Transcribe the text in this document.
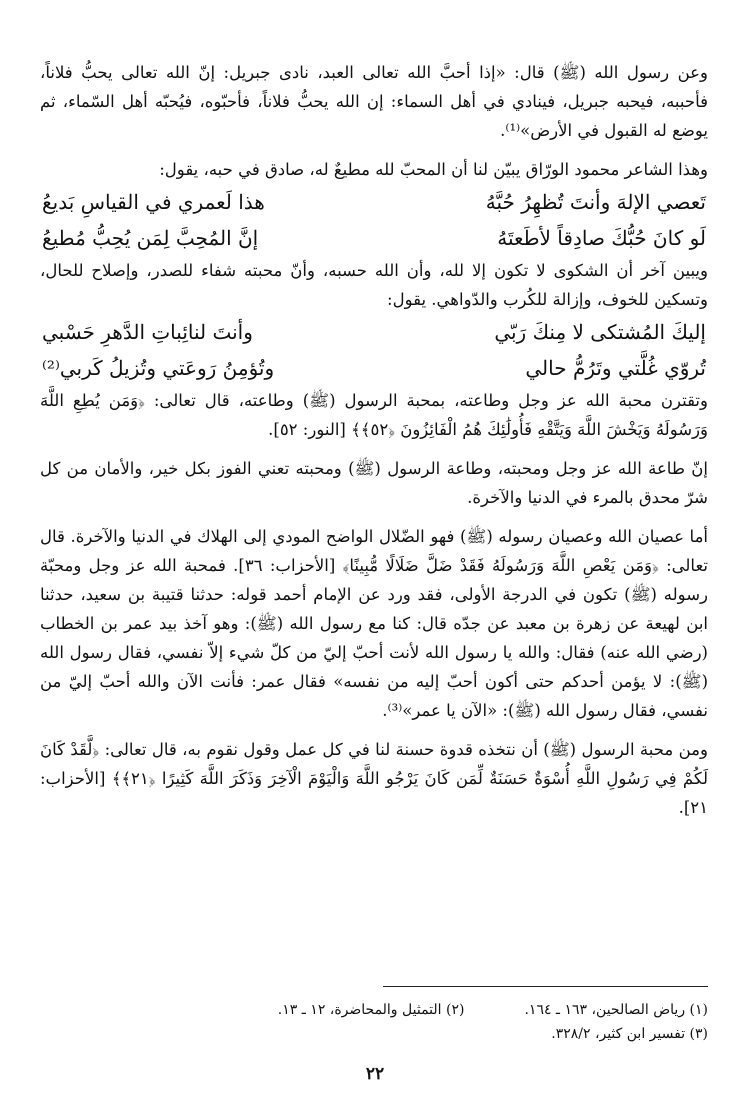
وعن رسول الله (ﷺ) قال: «إذا أحبَّ الله تعالى العبد، نادى جبريل: إنّ الله تعالى يحبُّ فلاناً، فأحببه، فيحبه جبريل، فينادي في أهل السماء: إن الله يحبُّ فلاناً، فأحبّوه، فيُحبّه أهل السّماء، ثم يوضع له القبول في الأرض»⁽¹⁾.

وهذا الشاعر محمود الورّاق يبيّن لنا أن المحبّ لله مطيعٌ له، صادق في حبه، يقول:

تَعصي الإلهَ وأنتَ تُظهِرُ حُبَّهُ
هذا لَعمري في القياسِ بَديعُ
لَو كانَ حُبُّكَ صادِقاً لأطَعتَهُ
إنَّ المُحِبَّ لِمَن يُحِبُّ مُطيعُ

ويبين آخر أن الشكوى لا تكون إلا لله، وأن الله حسبه، وأنّ محبته شفاء للصدر، وإصلاح للحال، وتسكين للخوف، وإزالة للكُرب والدّواهي. يقول:

إليكَ المُشتكى لا مِنكَ رَبّي
وأنتَ لنائِباتِ الدَّهرِ حَسْبي
تُروّي غُلَّتي وتَرُمُّ حالي
وتُؤمِنُ رَوعَتي وتُزيلُ كَربي⁽²⁾

وتقترن محبة الله عز وجل وطاعته، بمحبة الرسول (ﷺ) وطاعته، قال تعالى: ﴿وَمَن يُطِعِ اللَّهَ وَرَسُولَهُ وَيَخْشَ اللَّهَ وَيَتَّقْهِ فَأُولَٰئِكَ هُمُ الْفَائِزُونَ ﴿٥٢﴾﴾ [النور: ٥٢].

إنّ طاعة الله عز وجل ومحبته، وطاعة الرسول (ﷺ) ومحبته تعني الفوز بكل خير، والأمان من كل شرّ محدق بالمرء في الدنيا والآخرة.

أما عصيان الله وعصيان رسوله (ﷺ) فهو الضّلال الواضح المودي إلى الهلاك في الدنيا والآخرة. قال تعالى: ﴿وَمَن يَعْصِ اللَّهَ وَرَسُولَهُ فَقَدْ ضَلَّ ضَلَالًا مُّبِينًا﴾ [الأحزاب: ٣٦]. فمحبة الله عز وجل ومحبّة رسوله (ﷺ) تكون في الدرجة الأولى، فقد ورد عن الإمام أحمد قوله: حدثنا قتيبة بن سعيد، حدثنا ابن لهيعة عن زهرة بن معبد عن جدّه قال: كنا مع رسول الله (ﷺ): وهو آخذ بيد عمر بن الخطاب (رضي الله عنه) فقال: والله يا رسول الله لأنت أحبّ إليّ من كلّ شيء إلاّ نفسي، فقال رسول الله (ﷺ): لا يؤمن أحدكم حتى أكون أحبّ إليه من نفسه» فقال عمر: فأنت الآن والله أحبّ إليّ من نفسي، فقال رسول الله (ﷺ): «الآن يا عمر»⁽³⁾.

ومن محبة الرسول (ﷺ) أن نتخذه قدوة حسنة لنا في كل عمل وقول نقوم به، قال تعالى: ﴿لَّقَدْ كَانَ لَكُمْ فِي رَسُولِ اللَّهِ أُسْوَةٌ حَسَنَةٌ لِّمَن كَانَ يَرْجُو اللَّهَ وَالْيَوْمَ الْآخِرَ وَذَكَرَ اللَّهَ كَثِيرًا ﴿٢١﴾﴾ [الأحزاب: ٢١].

(١) رياض الصالحين، ١٦٣ ـ ١٦٤.
(٢) التمثيل والمحاضرة، ١٢ ـ ١٣.
(٣) تفسير ابن كثير، ٣٢٨/٢.
٢٢
